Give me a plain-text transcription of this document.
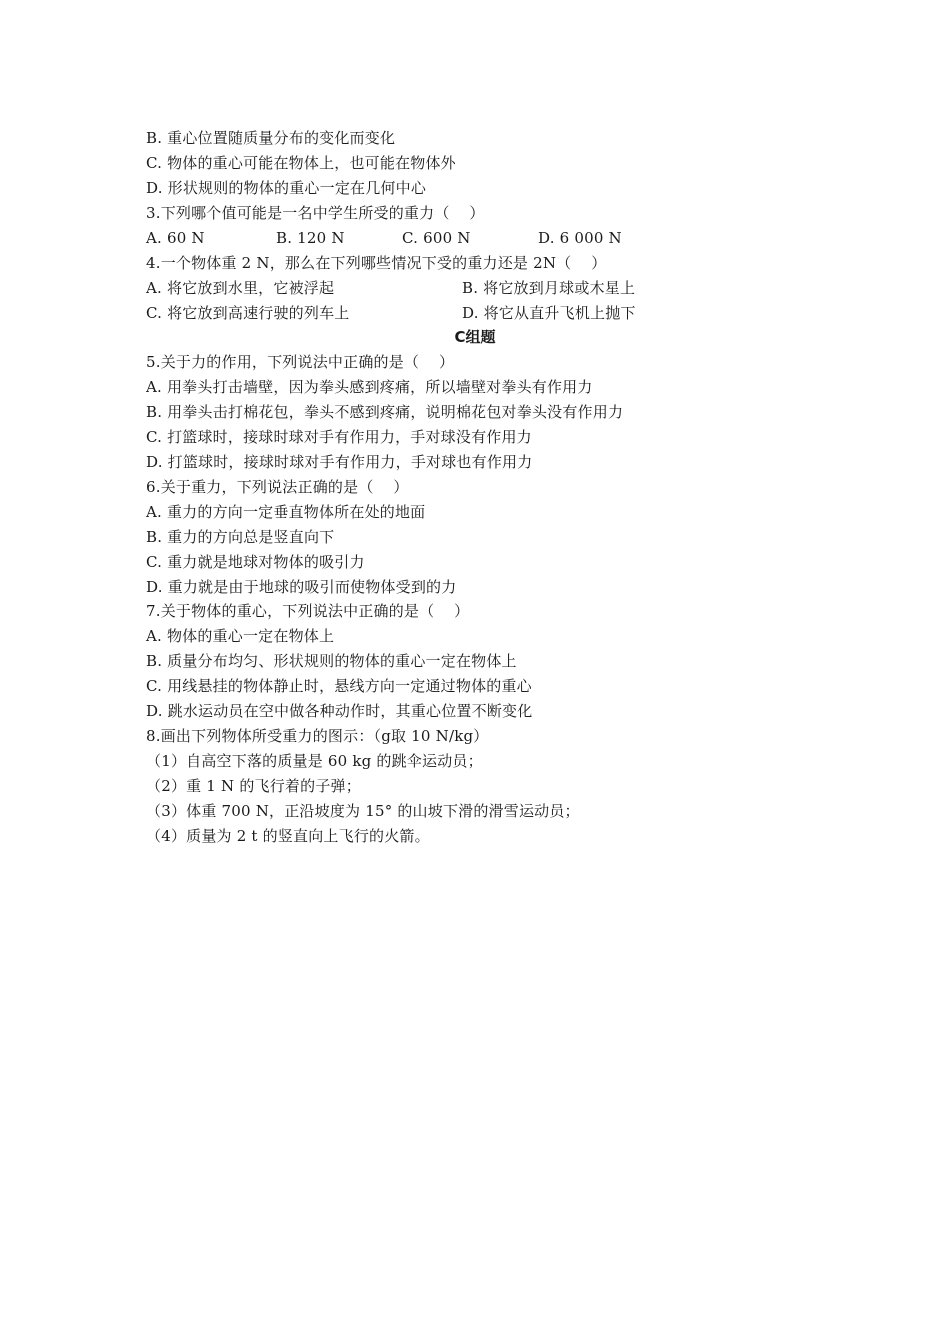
B. 重心位置随质量分布的变化而变化
C. 物体的重心可能在物体上，也可能在物体外
D. 形状规则的物体的重心一定在几何中心
3.下列哪个值可能是一名中学生所受的重力（    ）
A. 60 N	B. 120 N	C. 600 N	D. 6 000 N
4.一个物体重 2 N，那么在下列哪些情况下受的重力还是 2N（    ）
A. 将它放到水里，它被浮起	B. 将它放到月球或木星上
C. 将它放到高速行驶的列车上	D. 将它从直升飞机上抛下
C组题
5.关于力的作用，下列说法中正确的是（    ）
A. 用拳头打击墙壁，因为拳头感到疼痛，所以墙壁对拳头有作用力
B. 用拳头击打棉花包，拳头不感到疼痛，说明棉花包对拳头没有作用力
C. 打篮球时，接球时球对手有作用力，手对球没有作用力
D. 打篮球时，接球时球对手有作用力，手对球也有作用力
6.关于重力，下列说法正确的是（    ）
A. 重力的方向一定垂直物体所在处的地面
B. 重力的方向总是竖直向下
C. 重力就是地球对物体的吸引力
D. 重力就是由于地球的吸引而使物体受到的力
7.关于物体的重心，下列说法中正确的是（    ）
A. 物体的重心一定在物体上
B. 质量分布均匀、形状规则的物体的重心一定在物体上
C. 用线悬挂的物体静止时，悬线方向一定通过物体的重心
D. 跳水运动员在空中做各种动作时，其重心位置不断变化
8.画出下列物体所受重力的图示：（g取 10 N/kg）
（1）自高空下落的质量是 60 kg 的跳伞运动员；
（2）重 1 N 的飞行着的子弹；
（3）体重 700 N，正沿坡度为 15° 的山坡下滑的滑雪运动员；
（4）质量为 2 t 的竖直向上飞行的火箭。
